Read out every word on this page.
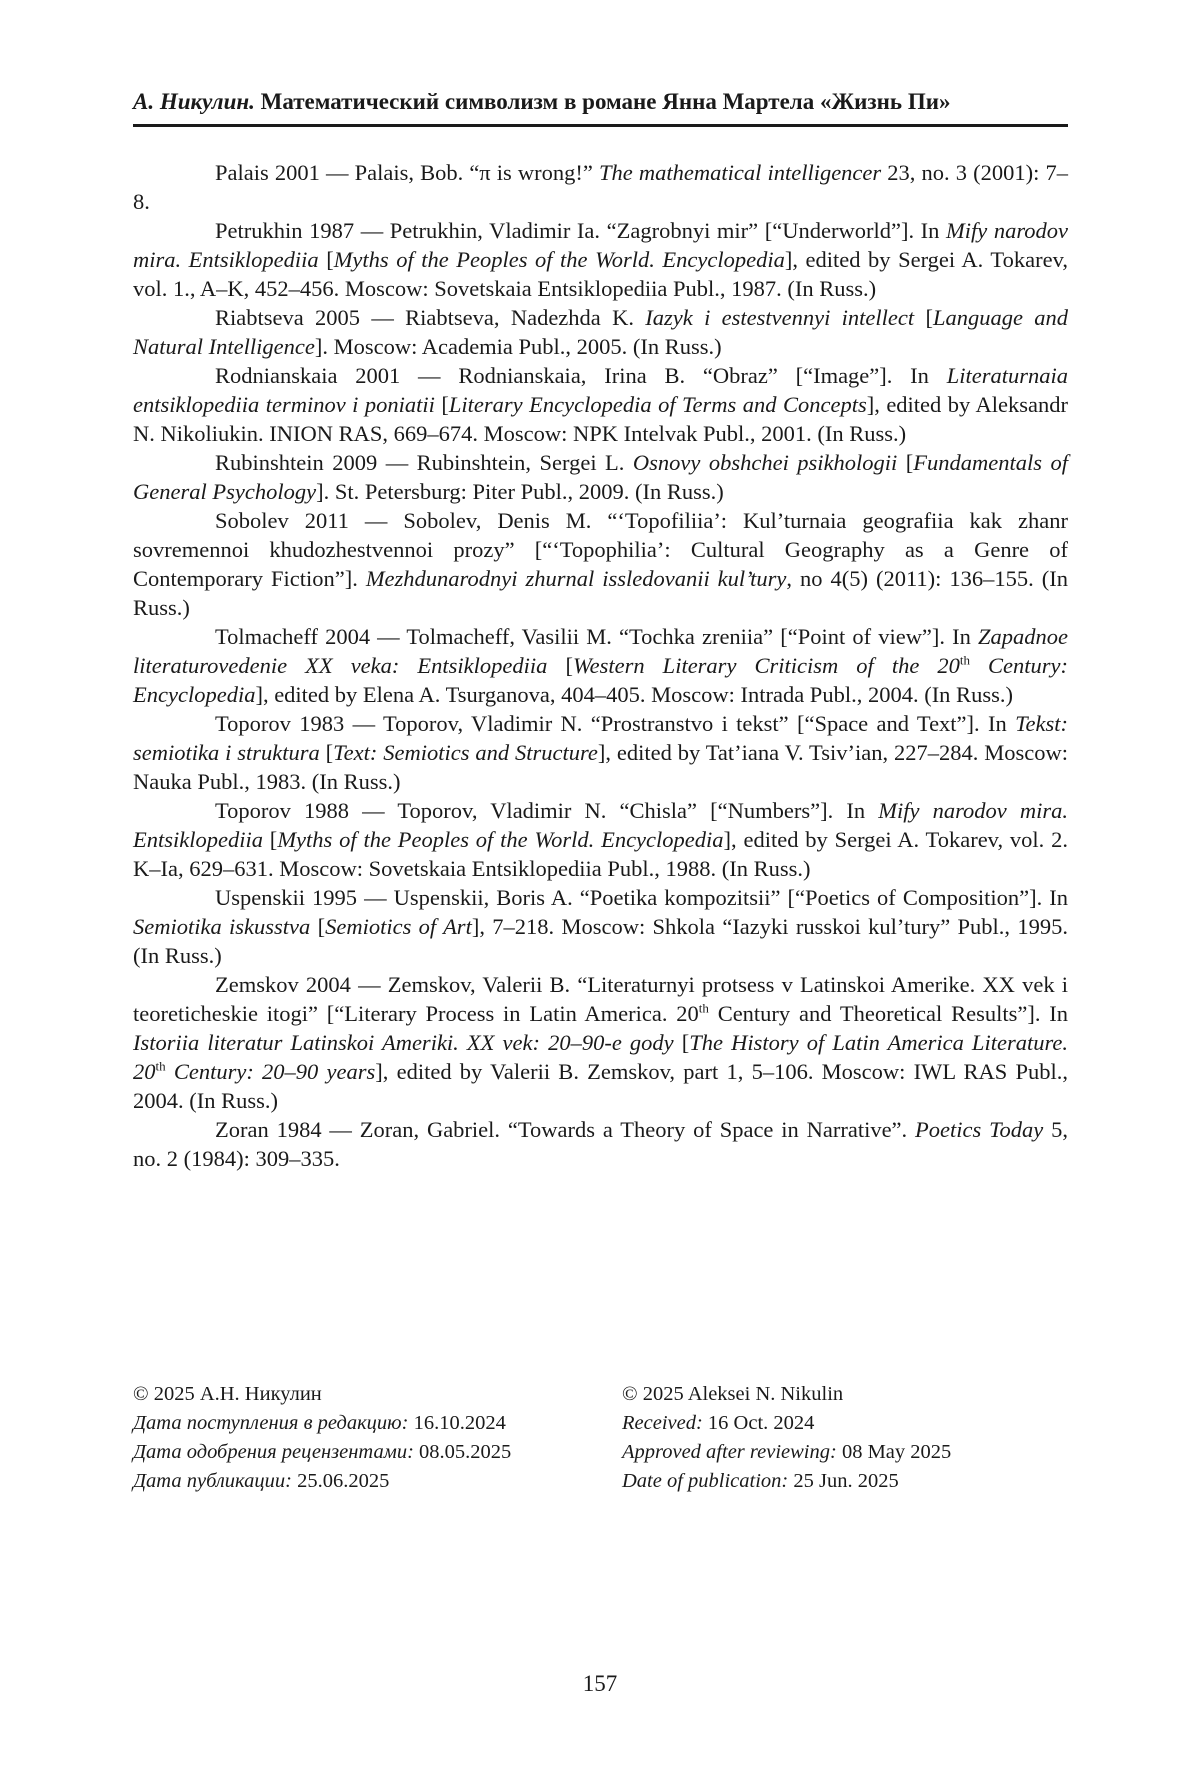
А. Никулин. Математический символизм в романе Янна Мартела «Жизнь Пи»

Palais 2001 — Palais, Bob. “π is wrong!” The mathematical intelligencer 23, no. 3 (2001): 7–8.

Petrukhin 1987 — Petrukhin, Vladimir Ia. “Zagrobnyi mir” [“Underworld”]. In Mify narodov mira. Entsiklopediia [Myths of the Peoples of the World. Encyclopedia], edited by Sergei A. Tokarev, vol. 1., A–K, 452–456. Moscow: Sovetskaia Entsiklopediia Publ., 1987. (In Russ.)

Riabtseva 2005 — Riabtseva, Nadezhda K. Iazyk i estestvennyi intellect [Language and Natural Intelligence]. Moscow: Academia Publ., 2005. (In Russ.)

Rodnianskaia 2001 — Rodnianskaia, Irina B. “Obraz” [“Image”]. In Literaturnaia entsiklopediia terminov i poniatii [Literary Encyclopedia of Terms and Concepts], edited by Aleksandr N. Nikoliukin. INION RAS, 669–674. Moscow: NPK Intelvak Publ., 2001. (In Russ.)

Rubinshtein 2009 — Rubinshtein, Sergei L. Osnovy obshchei psikhologii [Fundamentals of General Psychology]. St. Petersburg: Piter Publ., 2009. (In Russ.)

Sobolev 2011 — Sobolev, Denis M. “‘Topofiliia’: Kul’turnaia geografiia kak zhanr sovremennoi khudozhestvennoi prozy” [“‘Topophilia’: Cultural Geography as a Genre of Contemporary Fiction”]. Mezhdunarodnyi zhurnal issledovanii kul’tury, no 4(5) (2011): 136–155. (In Russ.)

Tolmacheff 2004 — Tolmacheff, Vasilii M. “Tochka zreniia” [“Point of view”]. In Zapadnoe literaturovedenie XX veka: Entsiklopediia [Western Literary Criticism of the 20th Century: Encyclopedia], edited by Elena A. Tsurganova, 404–405. Moscow: Intrada Publ., 2004. (In Russ.)

Toporov 1983 — Toporov, Vladimir N. “Prostranstvo i tekst” [“Space and Text”]. In Tekst: semiotika i struktura [Text: Semiotics and Structure], edited by Tat’iana V. Tsiv’ian, 227–284. Moscow: Nauka Publ., 1983. (In Russ.)

Toporov 1988 — Toporov, Vladimir N. “Chisla” [“Numbers”]. In Mify narodov mira. Entsiklopediia [Myths of the Peoples of the World. Encyclopedia], edited by Sergei A. Tokarev, vol. 2. K–Ia, 629–631. Moscow: Sovetskaia Entsiklopediia Publ., 1988. (In Russ.)

Uspenskii 1995 — Uspenskii, Boris A. “Poetika kompozitsii” [“Poetics of Composition”]. In Semiotika iskusstva [Semiotics of Art], 7–218. Moscow: Shkola “Iazyki russkoi kul’tury” Publ., 1995. (In Russ.)

Zemskov 2004 — Zemskov, Valerii B. “Literaturnyi protsess v Latinskoi Amerike. XX vek i teoreticheskie itogi” [“Literary Process in Latin America. 20th Century and Theoretical Results”]. In Istoriia literatur Latinskoi Ameriki. XX vek: 20–90-e gody [The History of Latin America Literature. 20th Century: 20–90 years], edited by Valerii B. Zemskov, part 1, 5–106. Moscow: IWL RAS Publ., 2004. (In Russ.)

Zoran 1984 — Zoran, Gabriel. “Towards a Theory of Space in Narrative”. Poetics Today 5, no. 2 (1984): 309–335.

© 2025 А.Н. Никулин
Дата поступления в редакцию: 16.10.2024
Дата одобрения рецензентами: 08.05.2025
Дата публикации: 25.06.2025
© 2025 Aleksei N. Nikulin
Received: 16 Oct. 2024
Approved after reviewing: 08 May 2025
Date of publication: 25 Jun. 2025
157
